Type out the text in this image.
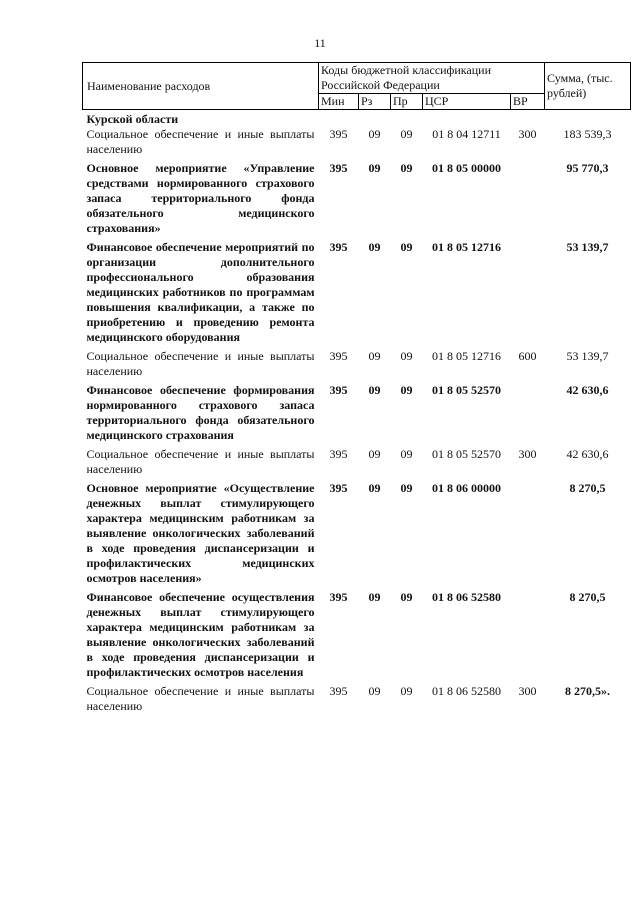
11
Наименование расходов	Коды бюджетной классификации Российской Федерации					Сумма, (тыс. рублей)
	Мин	Рз	Пр	ЦСР	ВР	
Курской области						
Социальное обеспечение и иные выплаты населению	395	09	09	01 8 04 12711	300	183 539,3
Основное мероприятие «Управление средствами нормированного страхового запаса территориального фонда обязательного медицинского страхования»	395	09	09	01 8 05 00000		95 770,3
Финансовое обеспечение мероприятий по организации дополнительного профессионального образования медицинских работников по программам повышения квалификации, а также по приобретению и проведению ремонта медицинского оборудования	395	09	09	01 8 05 12716		53 139,7
Социальное обеспечение и иные выплаты населению	395	09	09	01 8 05 12716	600	53 139,7
Финансовое обеспечение формирования нормированного страхового запаса территориального фонда обязательного медицинского страхования	395	09	09	01 8 05 52570		42 630,6
Социальное обеспечение и иные выплаты населению	395	09	09	01 8 05 52570	300	42 630,6
Основное мероприятие «Осуществление денежных выплат стимулирующего характера медицинским работникам за выявление онкологических заболеваний в ходе проведения диспансеризации и профилактических медицинских осмотров населения»	395	09	09	01 8 06 00000		8 270,5
Финансовое обеспечение осуществления денежных выплат стимулирующего характера медицинским работникам за выявление онкологических заболеваний в ходе проведения диспансеризации и профилактических осмотров населения	395	09	09	01 8 06 52580		8 270,5
Социальное обеспечение и иные выплаты населению	395	09	09	01 8 06 52580	300	8 270,5».
